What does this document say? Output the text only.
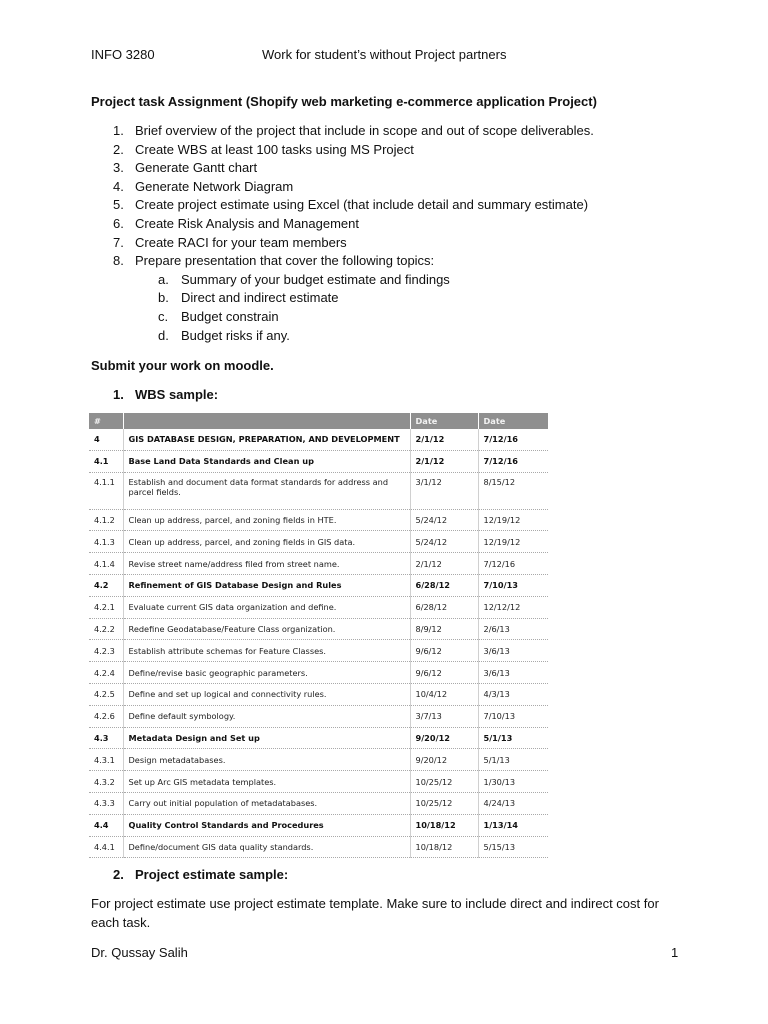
INFO 3280	Work for student’s without Project partners
Project task Assignment (Shopify web marketing e-commerce application Project)
1. Brief overview of the project that include in scope and out of scope deliverables.
2. Create WBS at least 100 tasks using MS Project
3. Generate Gantt chart
4. Generate Network Diagram
5. Create project estimate using Excel (that include detail and summary estimate)
6. Create Risk Analysis and Management
7. Create RACI for your team members
8. Prepare presentation that cover the following topics:
a. Summary of your budget estimate and findings
b. Direct and indirect estimate
c. Budget constrain
d. Budget risks if any.
Submit your work on moodle.
1. WBS sample:
#		Date	Date
4	GIS DATABASE DESIGN, PREPARATION, AND DEVELOPMENT	2/1/12	7/12/16
4.1	Base Land Data Standards and Clean up	2/1/12	7/12/16
4.1.1	Establish and document data format standards for address and parcel fields.	3/1/12	8/15/12
4.1.2	Clean up address, parcel, and zoning fields in HTE.	5/24/12	12/19/12
4.1.3	Clean up address, parcel, and zoning fields in GIS data.	5/24/12	12/19/12
4.1.4	Revise street name/address filed from street name.	2/1/12	7/12/16
4.2	Refinement of GIS Database Design and Rules	6/28/12	7/10/13
4.2.1	Evaluate current GIS data organization and define.	6/28/12	12/12/12
4.2.2	Redefine Geodatabase/Feature Class organization.	8/9/12	2/6/13
4.2.3	Establish attribute schemas for Feature Classes.	9/6/12	3/6/13
4.2.4	Define/revise basic geographic parameters.	9/6/12	3/6/13
4.2.5	Define and set up logical and connectivity rules.	10/4/12	4/3/13
4.2.6	Define default symbology.	3/7/13	7/10/13
4.3	Metadata Design and Set up	9/20/12	5/1/13
4.3.1	Design metadatabases.	9/20/12	5/1/13
4.3.2	Set up Arc GIS metadata templates.	10/25/12	1/30/13
4.3.3	Carry out initial population of metadatabases.	10/25/12	4/24/13
4.4	Quality Control Standards and Procedures	10/18/12	1/13/14
4.4.1	Define/document GIS data quality standards.	10/18/12	5/15/13
2. Project estimate sample:
For project estimate use project estimate template. Make sure to include direct and indirect cost for each task.
Dr. Qussay Salih	1
